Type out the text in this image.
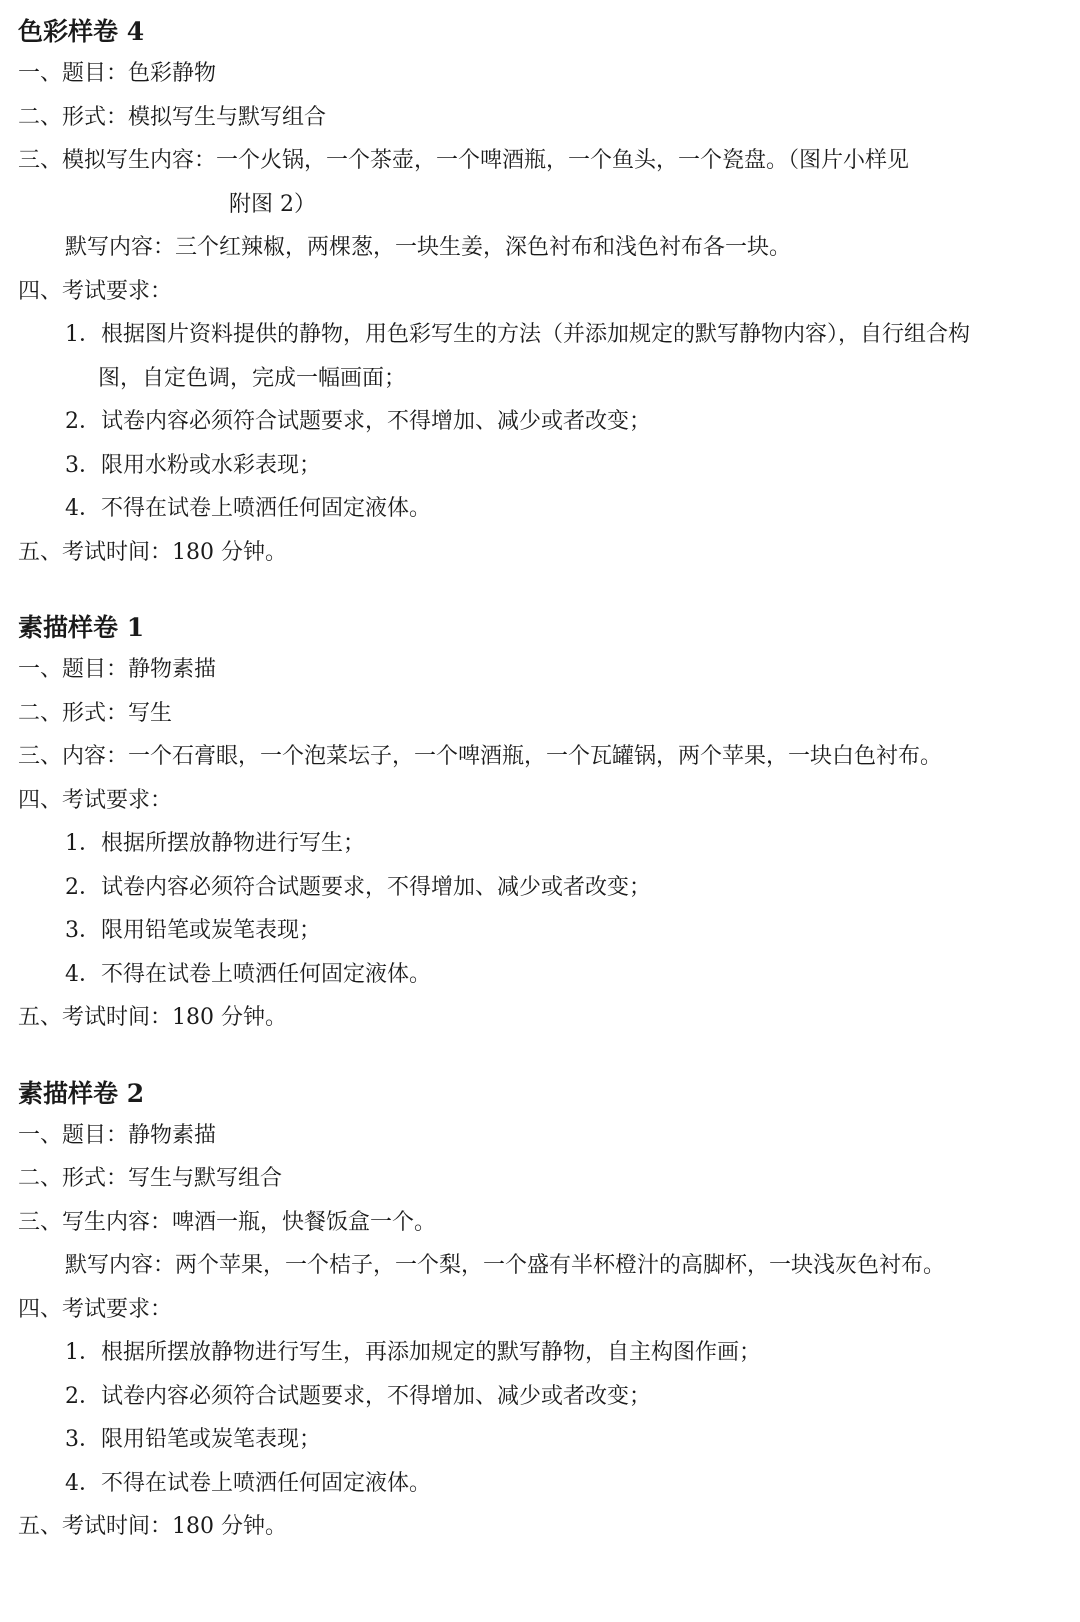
色彩样卷 4
一、题目：色彩静物
二、形式：模拟写生与默写组合
三、模拟写生内容：一个火锅，一个茶壶，一个啤酒瓶，一个鱼头，一个瓷盘。（图片小样见
附图 2）
默写内容：三个红辣椒，两棵葱，一块生姜，深色衬布和浅色衬布各一块。
四、考试要求：
1．根据图片资料提供的静物，用色彩写生的方法（并添加规定的默写静物内容），自行组合构
图，自定色调，完成一幅画面；
2．试卷内容必须符合试题要求，不得增加、减少或者改变；
3．限用水粉或水彩表现；
4．不得在试卷上喷洒任何固定液体。
五、考试时间：180 分钟。
素描样卷 1
一、题目：静物素描
二、形式：写生
三、内容：一个石膏眼，一个泡菜坛子，一个啤酒瓶，一个瓦罐锅，两个苹果，一块白色衬布。
四、考试要求：
1．根据所摆放静物进行写生；
2．试卷内容必须符合试题要求，不得增加、减少或者改变；
3．限用铅笔或炭笔表现；
4．不得在试卷上喷洒任何固定液体。
五、考试时间：180 分钟。
素描样卷 2
一、题目：静物素描
二、形式：写生与默写组合
三、写生内容：啤酒一瓶，快餐饭盒一个。
默写内容：两个苹果，一个桔子，一个梨，一个盛有半杯橙汁的高脚杯，一块浅灰色衬布。
四、考试要求：
1．根据所摆放静物进行写生，再添加规定的默写静物，自主构图作画；
2．试卷内容必须符合试题要求，不得增加、减少或者改变；
3．限用铅笔或炭笔表现；
4．不得在试卷上喷洒任何固定液体。
五、考试时间：180 分钟。
